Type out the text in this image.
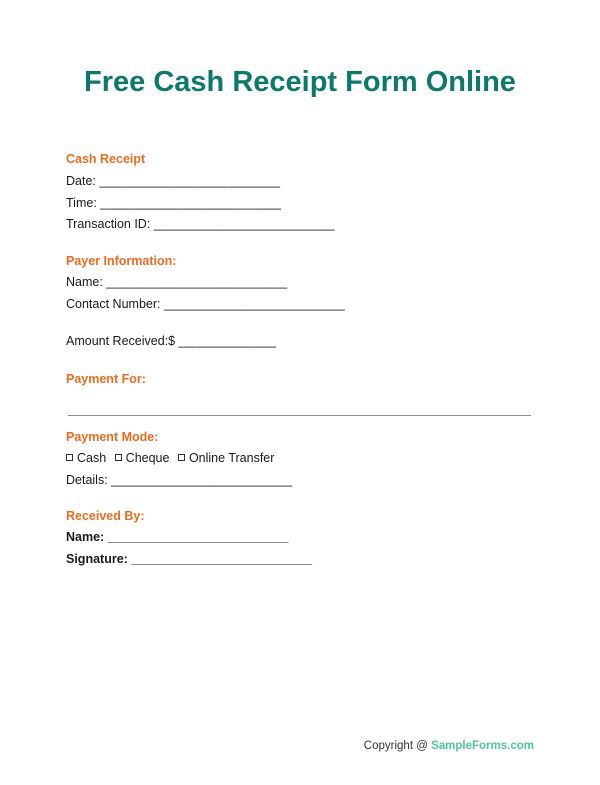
Free Cash Receipt Form Online
Cash Receipt
Date: __________________________
Time: __________________________
Transaction ID: __________________________
Payer Information:
Name: __________________________
Contact Number: __________________________
Amount Received:$ ______________
Payment For:
Payment Mode:
Cash Cheque Online Transfer
Details: __________________________
Received By:
Name: __________________________
Signature: __________________________
Copyright @ SampleForms.com
